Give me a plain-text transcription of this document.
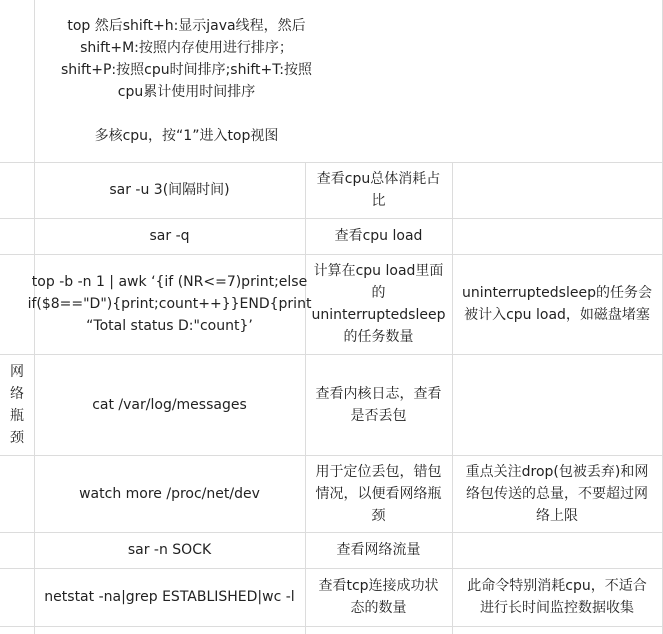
网
络
瓶
颈
top 然后shift+h:显示java线程，然后
shift+M:按照内存使用进行排序；
shift+P:按照cpu时间排序;shift+T:按照
cpu累计使用时间排序
多核cpu，按“1”进入top视图
sar -u 3(间隔时间)
查看cpu总体消耗占
比
sar -q	查看cpu load
top -b -n 1 | awk ‘{if (NR<=7)print;else
if($8=="D"){print;count++}}END{print
“Total status D:"count}’
计算在cpu load里面
的
uninterruptedsleep
的任务数量
uninterruptedsleep的任务会
被计入cpu load，如磁盘堵塞
cat /var/log/messages
查看内核日志，查看
是否丢包
watch more /proc/net/dev
用于定位丢包，错包
情况，以便看网络瓶
颈
重点关注drop(包被丢弃)和网
络包传送的总量，不要超过网
络上限
sar -n SOCK	查看网络流量
netstat -na|grep ESTABLISHED|wc -l
查看tcp连接成功状
态的数量
此命令特别消耗cpu，不适合
进行长时间监控数据收集
